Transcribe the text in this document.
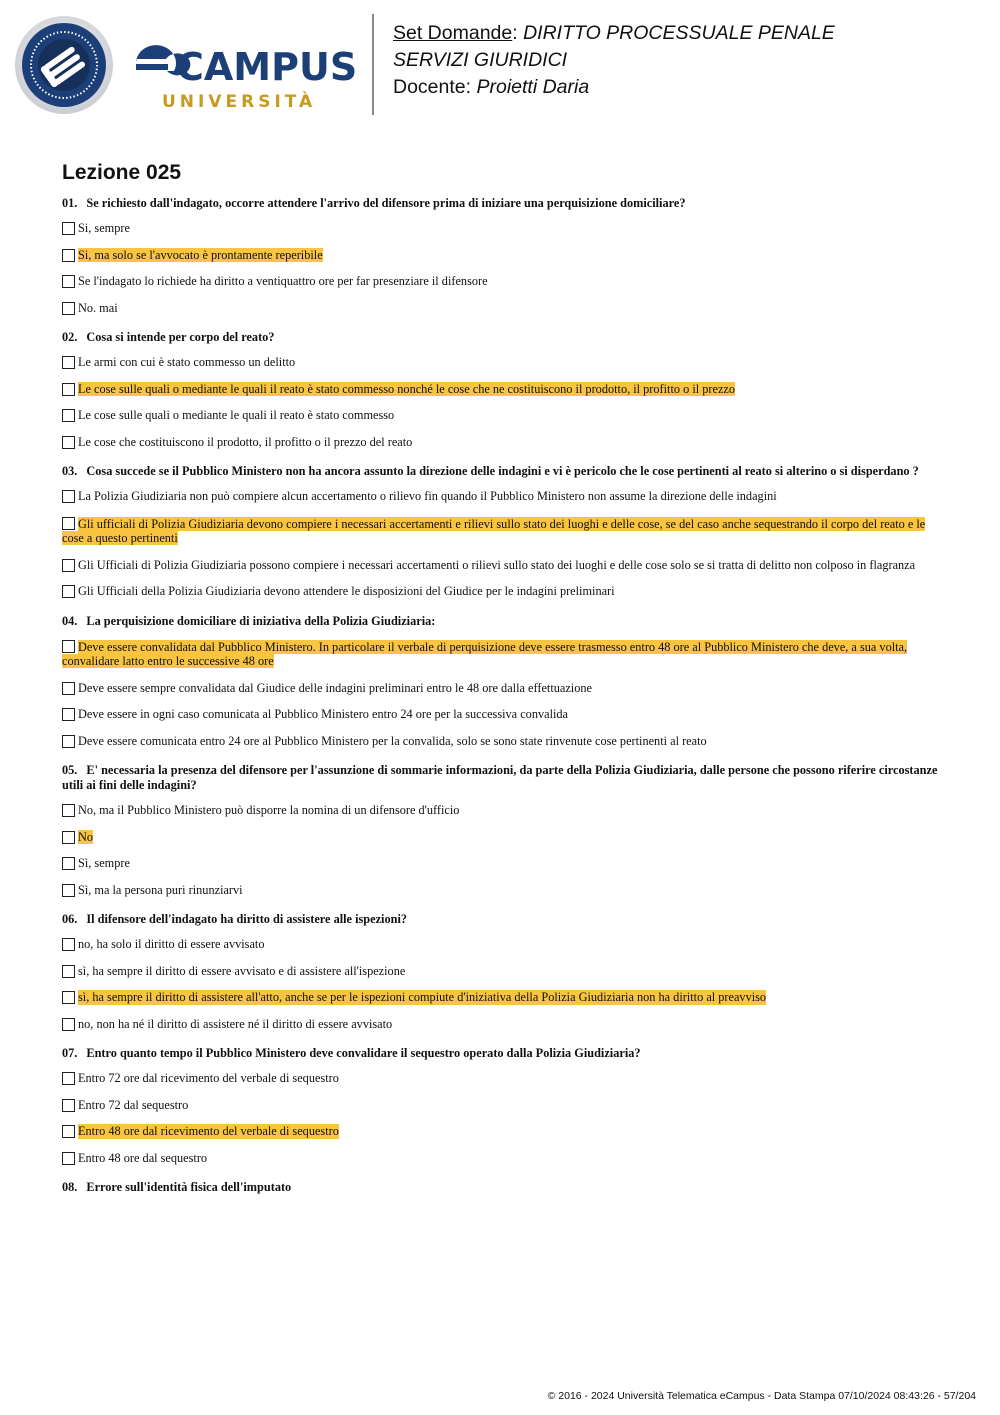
CAMPUS
UNIVERSITÀ
Set Domande: DIRITTO PROCESSUALE PENALE
SERVIZI GIURIDICI
Docente: Proietti Daria
Lezione 025
01. Se richiesto dall'indagato, occorre attendere l'arrivo del difensore prima di iniziare una perquisizione domiciliare?
Si, sempre
Si, ma solo se l'avvocato è prontamente reperibile
Se l'indagato lo richiede ha diritto a ventiquattro ore per far presenziare il difensore
No. mai
02. Cosa si intende per corpo del reato?
Le armi con cui è stato commesso un delitto
Le cose sulle quali o mediante le quali il reato è stato commesso nonché le cose che ne costituiscono il prodotto, il profitto o il prezzo
Le cose sulle quali o mediante le quali il reato è stato commesso
Le cose che costituiscono il prodotto, il profitto o il prezzo del reato
03. Cosa succede se il Pubblico Ministero non ha ancora assunto la direzione delle indagini e vi è pericolo che le cose pertinenti al reato si alterino o si disperdano ?
La Polizia Giudiziaria non può compiere alcun accertamento o rilievo fin quando il Pubblico Ministero non assume la direzione delle indagini
Gli ufficiali di Polizia Giudiziaria devono compiere i necessari accertamenti e rilievi sullo stato dei luoghi e delle cose, se del caso anche sequestrando il corpo del reato e le cose a questo pertinenti
Gli Ufficiali di Polizia Giudiziaria possono compiere i necessari accertamenti o rilievi sullo stato dei luoghi e delle cose solo se si tratta di delitto non colposo in flagranza
Gli Ufficiali della Polizia Giudiziaria devono attendere le disposizioni del Giudice per le indagini preliminari
04. La perquisizione domiciliare di iniziativa della Polizia Giudiziaria:
Deve essere convalidata dal Pubblico Ministero. In particolare il verbale di perquisizione deve essere trasmesso entro 48 ore al Pubblico Ministero che deve, a sua volta, convalidare latto entro le successive 48 ore
Deve essere sempre convalidata dal Giudice delle indagini preliminari entro le 48 ore dalla effettuazione
Deve essere in ogni caso comunicata al Pubblico Ministero entro 24 ore per la successiva convalida
Deve essere comunicata entro 24 ore al Pubblico Ministero per la convalida, solo se sono state rinvenute cose pertinenti al reato
05. E' necessaria la presenza del difensore per l'assunzione di sommarie informazioni, da parte della Polizia Giudiziaria, dalle persone che possono riferire circostanze utili ai fini delle indagini?
No, ma il Pubblico Ministero può disporre la nomina di un difensore d'ufficio
No
Sì, sempre
Sì, ma la persona puri rinunziarvi
06. Il difensore dell'indagato ha diritto di assistere alle ispezioni?
no, ha solo il diritto di essere avvisato
sì, ha sempre il diritto di essere avvisato e di assistere all'ispezione
sì, ha sempre il diritto di assistere all'atto, anche se per le ispezioni compiute d'iniziativa della Polizia Giudiziaria non ha diritto al preavviso
no, non ha né il diritto di assistere né il diritto di essere avvisato
07. Entro quanto tempo il Pubblico Ministero deve convalidare il sequestro operato dalla Polizia Giudiziaria?
Entro 72 ore dal ricevimento del verbale di sequestro
Entro 72 dal sequestro
Entro 48 ore dal ricevimento del verbale di sequestro
Entro 48 ore dal sequestro
08. Errore sull'identità fisica dell'imputato
© 2016 - 2024 Università Telematica eCampus - Data Stampa 07/10/2024 08:43:26 - 57/204
